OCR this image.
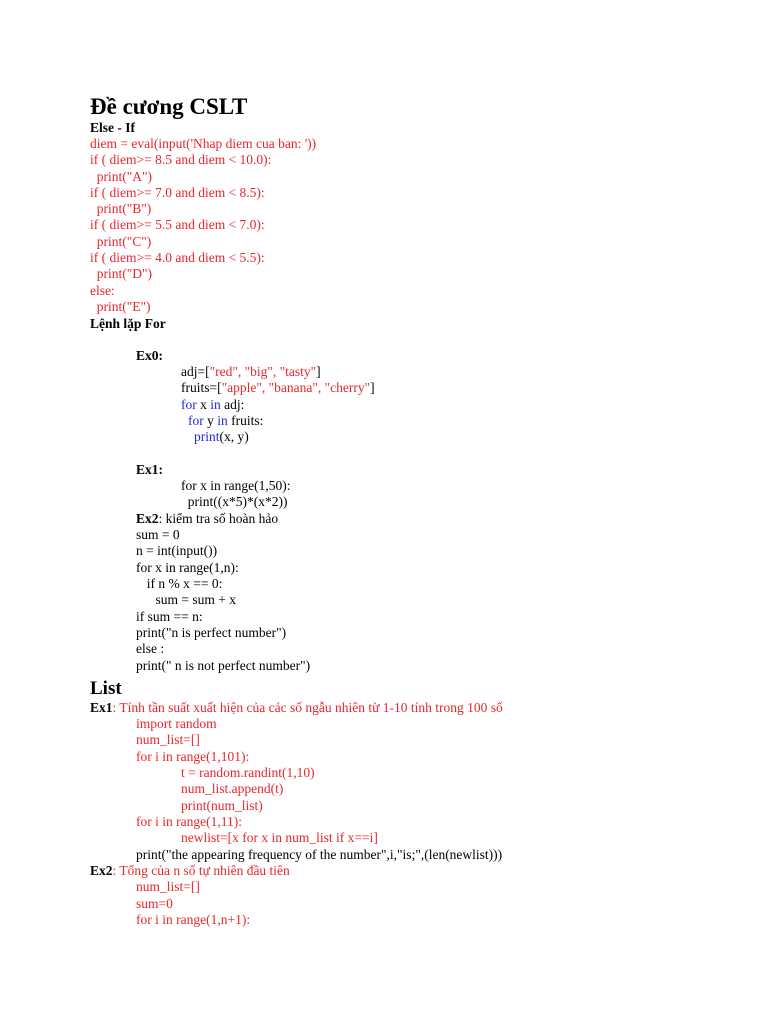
Đề cương CSLT
Else - If
diem = eval(input('Nhap diem cua ban: '))
if ( diem>= 8.5 and diem < 10.0):
print("A")
if ( diem>= 7.0 and diem < 8.5):
print("B")
if ( diem>= 5.5 and diem < 7.0):
print("C")
if ( diem>= 4.0 and diem < 5.5):
print("D")
else:
print("E")
Lệnh lặp For
Ex0:
adj=["red", "big", "tasty"]
fruits=["apple", "banana", "cherry"]
for x in adj:
for y in fruits:
print(x, y)
Ex1:
for x in range(1,50):
print((x*5)*(x*2))
Ex2: kiểm tra số hoàn hảo
sum = 0
n = int(input())
for x in range(1,n):
if n % x == 0:
sum = sum + x
if sum == n:
print("n is perfect number")
else :
print(" n is not perfect number")
List
Ex1: Tính tần suất xuất hiện của các số ngẫu nhiên từ 1-10 tính trong 100 số
import random
num_list=[]
for i in range(1,101):
t = random.randint(1,10)
num_list.append(t)
print(num_list)
for i in range(1,11):
newlist=[x for x in num_list if x==i]
print("the appearing frequency of the number",i,"is;",(len(newlist)))
Ex2: Tổng của n số tự nhiên đầu tiên
num_list=[]
sum=0
for i in range(1,n+1):
